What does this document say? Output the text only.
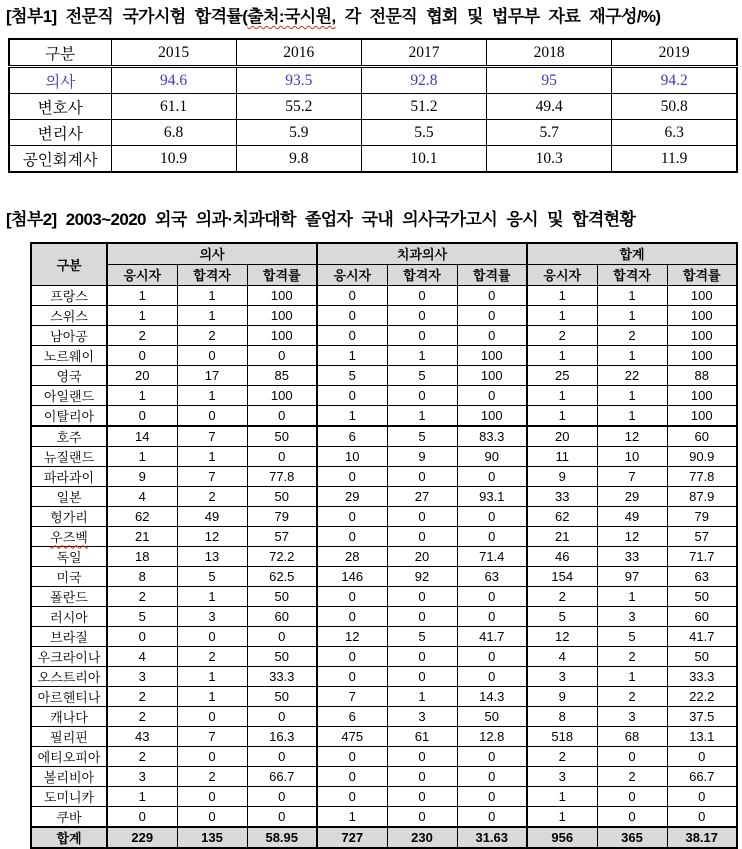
[첨부1] 전문직 국가시험 합격률(출처:국시원, 각 전문직 협회 및 법무부 자료 재구성/%)
구분	2015	2016	2017	2018	2019
의사	94.6	93.5	92.8	95	94.2
변호사	61.1	55.2	51.2	49.4	50.8
변리사	6.8	5.9	5.5	5.7	6.3
공인회계사	10.9	9.8	10.1	10.3	11.9
[첨부2] 2003~2020 외국 의과·치과대학 졸업자 국내 의사국가고시 응시 및 합격현황
구분	의사			치과의사			합계		
	응시자	합격자	합격률	응시자	합격자	합격률	응시자	합격자	합격률
프랑스	1	1	100	0	0	0	1	1	100
스위스	1	1	100	0	0	0	1	1	100
남아공	2	2	100	0	0	0	2	2	100
노르웨이	0	0	0	1	1	100	1	1	100
영국	20	17	85	5	5	100	25	22	88
아일랜드	1	1	100	0	0	0	1	1	100
이탈리아	0	0	0	1	1	100	1	1	100
호주	14	7	50	6	5	83.3	20	12	60
뉴질랜드	1	1	0	10	9	90	11	10	90.9
파라과이	9	7	77.8	0	0	0	9	7	77.8
일본	4	2	50	29	27	93.1	33	29	87.9
헝가리	62	49	79	0	0	0	62	49	79
우즈벡	21	12	57	0	0	0	21	12	57
독일	18	13	72.2	28	20	71.4	46	33	71.7
미국	8	5	62.5	146	92	63	154	97	63
폴란드	2	1	50	0	0	0	2	1	50
러시아	5	3	60	0	0	0	5	3	60
브라질	0	0	0	12	5	41.7	12	5	41.7
우크라이나	4	2	50	0	0	0	4	2	50
오스트리아	3	1	33.3	0	0	0	3	1	33.3
아르헨티나	2	1	50	7	1	14.3	9	2	22.2
캐나다	2	0	0	6	3	50	8	3	37.5
필리핀	43	7	16.3	475	61	12.8	518	68	13.1
에티오피아	2	0	0	0	0	0	2	0	0
볼리비아	3	2	66.7	0	0	0	3	2	66.7
도미니카	1	0	0	0	0	0	1	0	0
쿠바	0	0	0	1	0	0	1	0	0
합계	229	135	58.95	727	230	31.63	956	365	38.17
